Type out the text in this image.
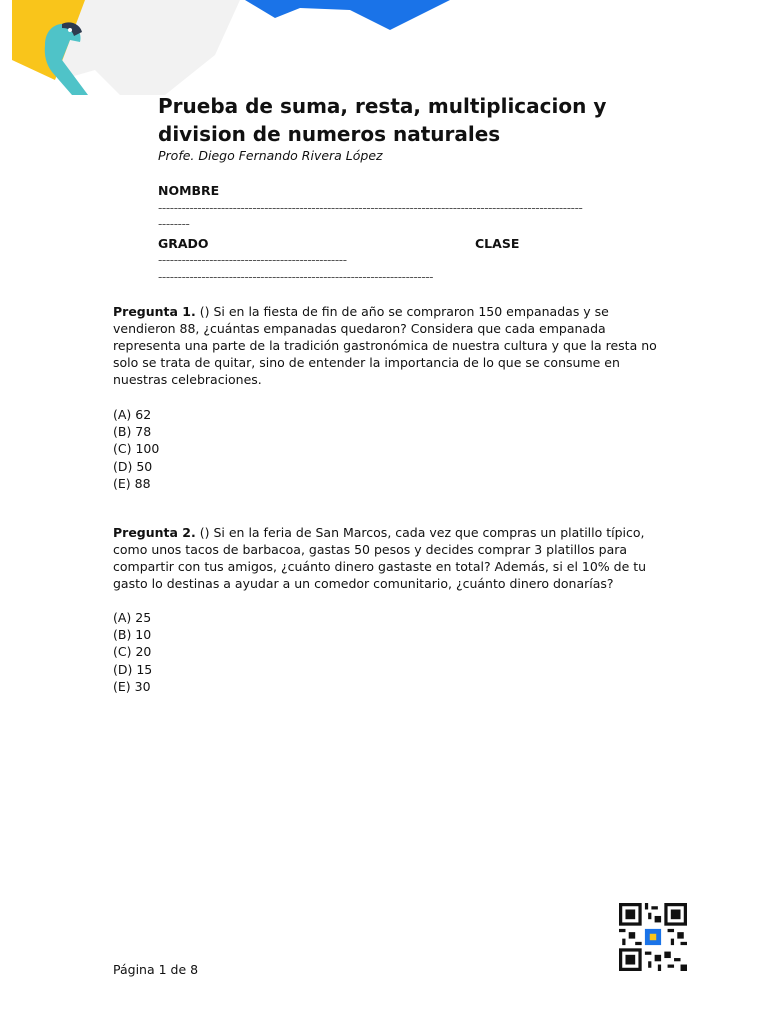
Prueba de suma, resta, multiplicacion y division de numeros naturales
Profe. Diego Fernando Rivera López
NOMBRE
------------------------------------------------------------------------------------------------------------
--------
GRADO	CLASE
------------------------------------------------
----------------------------------------------------------------------
Pregunta 1. () Si en la fiesta de fin de año se compraron 150 empanadas y se vendieron 88, ¿cuántas empanadas quedaron? Considera que cada empanada representa una parte de la tradición gastronómica de nuestra cultura y que la resta no solo se trata de quitar, sino de entender la importancia de lo que se consume en nuestras celebraciones.
(A) 62
(B) 78
(C) 100
(D) 50
(E) 88
Pregunta 2. () Si en la feria de San Marcos, cada vez que compras un platillo típico, como unos tacos de barbacoa, gastas 50 pesos y decides comprar 3 platillos para compartir con tus amigos, ¿cuánto dinero gastaste en total? Además, si el 10% de tu gasto lo destinas a ayudar a un comedor comunitario, ¿cuánto dinero donarías?
(A) 25
(B) 10
(C) 20
(D) 15
(E) 30
Página 1 de 8
